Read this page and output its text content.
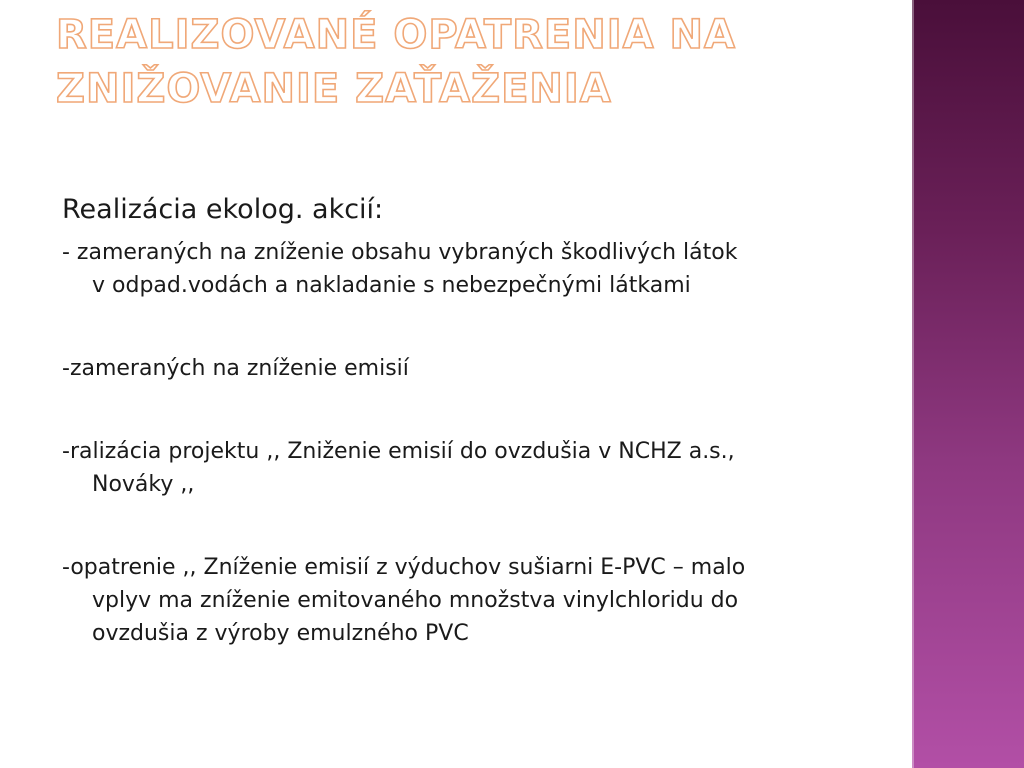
REALIZOVANÉ OPATRENIA NA ZNIŽOVANIE ZAŤAŽENIA

Realizácia ekolog. akcií:

- zameraných na zníženie obsahu vybraných škodlivých látok
v odpad.vodách a nakladanie s nebezpečnými látkami

-zameraných na zníženie emisií

-ralizácia projektu ,, Zniženie emisií do ovzdušia v NCHZ a.s.,
Nováky ,,

-opatrenie ,, Zníženie emisií z výduchov sušiarni E-PVC – malo
vplyv ma zníženie emitovaného množstva vinylchloridu do
ovzdušia z výroby emulzného PVC
